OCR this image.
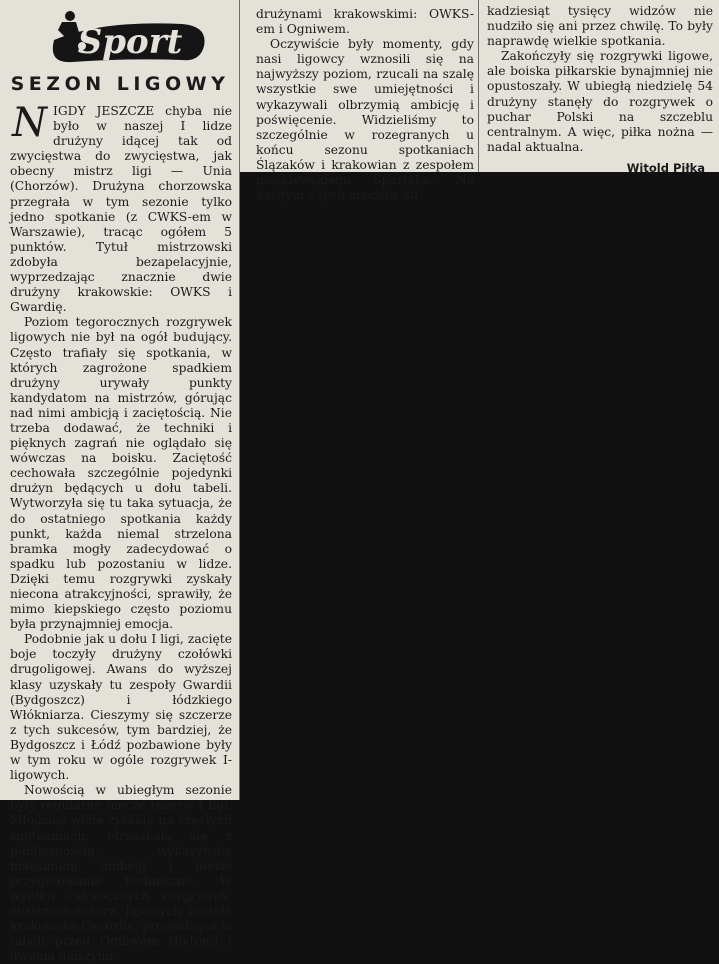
Sport
SEZON LIGOWY

NIGDY JESZCZE chyba nie było w naszej I lidze drużyny idącej tak od zwycięstwa do zwycięstwa, jak obecny mistrz ligi — Unia (Chorzów). Drużyna chorzowska przegrała w tym sezonie tylko jedno spotkanie (z CWKS-em w Warszawie), tracąc ogółem 5 punktów. Tytuł mistrzowski zdobyła bezapelacyjnie, wyprzedzając znacznie dwie drużyny krakowskie: OWKS i Gwardię.

Poziom tegorocznych rozgrywek ligowych nie był na ogół budujący. Często trafiały się spotkania, w których zagrożone spadkiem drużyny urywały punkty kandydatom na mistrzów, górując nad nimi ambicją i zaciętością. Nie trzeba dodawać, że techniki i pięknych zagrań nie oglądało się wówczas na boisku. Zaciętość cechowała szczególnie pojedynki drużyn będących u dołu tabeli. Wytworzyła się tu taka sytuacja, że do ostatniego spotkania każdy punkt, każda niemal strzelona bramka mogły zadecydować o spadku lub pozostaniu w lidze. Dzięki temu rozgrywki zyskały niecona atrakcyjności, sprawiły, że mimo kiepskiego często poziomu była przynajmniej emocja.

Podobnie jak u dołu I ligi, zacięte boje toczyły drużyny czołówki drugoligowej. Awans do wyższej klasy uzyskały tu zespoły Gwardii (Bydgoszcz) i łódzkiego Włókniarza. Cieszymy się szczerze z tych sukcesów, tym bardziej, że Bydgoszcz i Łódź pozbawione były w tym roku w ogóle rozgrywek I-ligowych.

Nowością w ubiegłym sezonie były regularne mecze rezerw I ligi. Młodzież wiele zyskała na częstych spotkaniach, otrzaskała się z publicznością, wykazywała maksimum ambicji i niezłe przygotowanie techniczne. W wyniku całorocznych rozgrywek, mistrzem rezerw ligowych została krakowska Gwardia, prowadząca w tabeli przed Ogniwem (Bytom) i dwoma dalszymi

drużynami krakowskimi: OWKS-em i Ogniwem.

Oczywiście były momenty, gdy nasi ligowcy wznosili się na najwyższy poziom, rzucali na szalę wszystkie swe umiejętności i wykazywali olbrzymią ambicję i poświęcenie. Widzieliśmy to szczególnie w rozegranych u końcu sezonu spotkaniach Ślązaków i krakowian z zespołem moskiewskiego Spartaka. Na każdym z tych meczów kil-

kadziesiąt tysięcy widzów nie nudziło się ani przez chwilę. To były naprawdę wielkie spotkania.

Zakończyły się rozgrywki ligowe, ale boiska piłkarskie bynajmniej nie opustoszały. W ubiegłą niedzielę 54 drużyny stanęły do rozgrywek o puchar Polski na szczeblu centralnym. A więc, piłka nożna — nadal aktualna.

Witold Piłka
